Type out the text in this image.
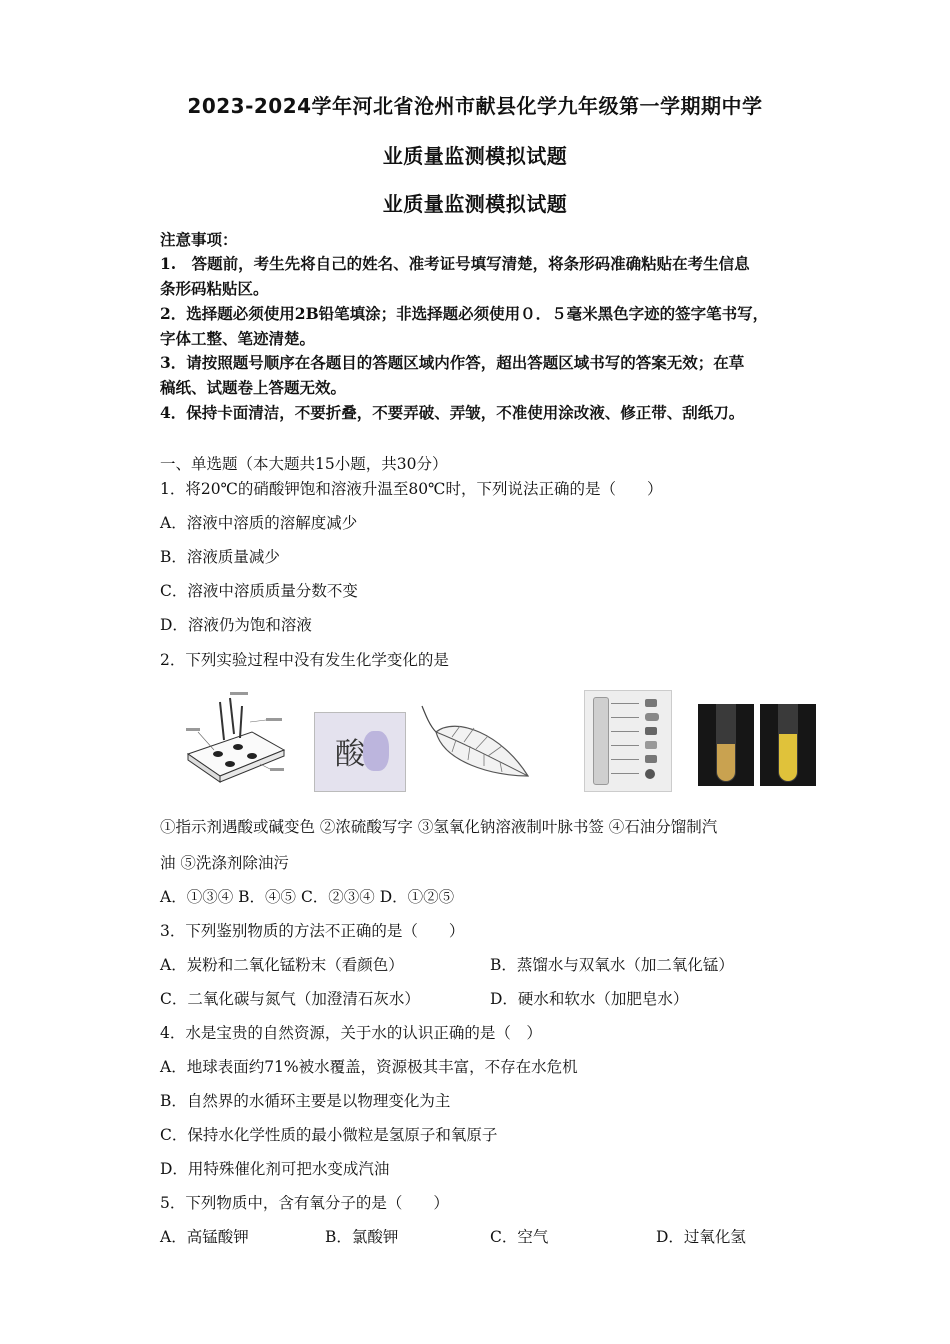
2023-2024学年河北省沧州市献县化学九年级第一学期期中学
业质量监测模拟试题
业质量监测模拟试题
注意事项：
1.　答题前，考生先将自己的姓名、准考证号填写清楚，将条形码准确粘贴在考生信息
条形码粘贴区。
2．选择题必须使用2B铅笔填涂；非选择题必须使用０．５毫米黑色字迹的签字笔书写，
字体工整、笔迹清楚。
3．请按照题号顺序在各题目的答题区域内作答，超出答题区域书写的答案无效；在草
稿纸、试题卷上答题无效。
4．保持卡面清洁，不要折叠，不要弄破、弄皱，不准使用涂改液、修正带、刮纸刀。
一、单选题（本大题共15小题，共30分）
1．将20℃的硝酸钾饱和溶液升温至80℃时，下列说法正确的是（　　）
A．溶液中溶质的溶解度减少
B．溶液质量减少
C．溶液中溶质质量分数不变
D．溶液仍为饱和溶液
2．下列实验过程中没有发生化学变化的是
酸
①指示剂遇酸或碱变色 ②浓硫酸写字 ③氢氧化钠溶液制叶脉书签 ④石油分馏制汽
油 ⑤洗涤剂除油污
A．①③④ B．④⑤ C．②③④ D．①②⑤
3．下列鉴别物质的方法不正确的是（　　）
A．炭粉和二氧化锰粉末（看颜色）	B．蒸馏水与双氧水（加二氧化锰）
C．二氧化碳与氮气（加澄清石灰水）	D．硬水和软水（加肥皂水）
4．水是宝贵的自然资源，关于水的认识正确的是（　）
A．地球表面约71%被水覆盖，资源极其丰富，不存在水危机
B．自然界的水循环主要是以物理变化为主
C．保持水化学性质的最小微粒是氢原子和氧原子
D．用特殊催化剂可把水变成汽油
5．下列物质中，含有氧分子的是（　　）
A．高锰酸钾	B．氯酸钾	C．空气	D．过氧化氢
